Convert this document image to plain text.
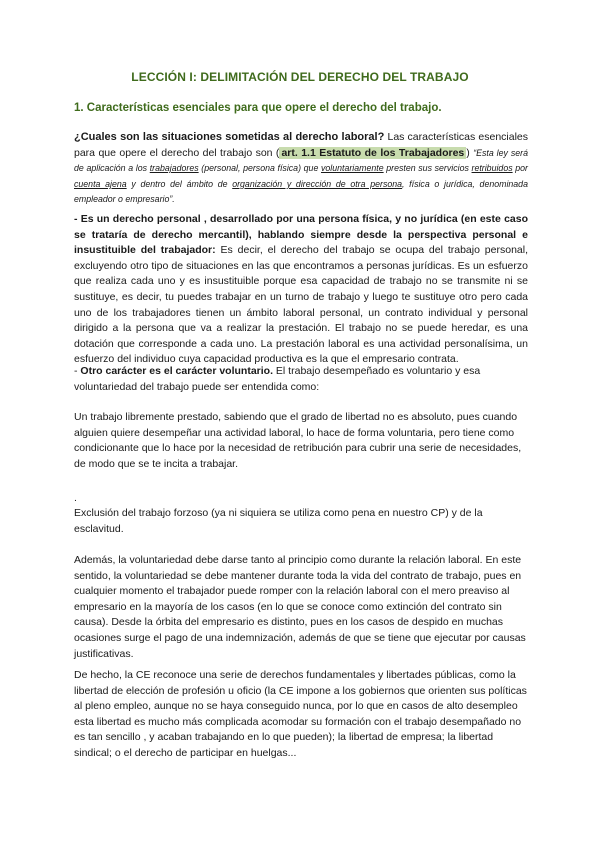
LECCIÓN I: DELIMITACIÓN DEL DERECHO DEL TRABAJO
1. Características esenciales para que opere el derecho del trabajo.
¿Cuales son las situaciones sometidas al derecho laboral? Las características esenciales para que opere el derecho del trabajo son ( art. 1.1 Estatuto de los Trabajadores ) “Esta ley será de aplicación a los trabajadores (personal, persona física) que voluntariamente presten sus servicios retribuidos por cuenta ajena y dentro del ámbito de organización y dirección de otra persona, física o jurídica, denominada empleador o empresario”.
- Es un derecho personal , desarrollado por una persona física, y no jurídica (en este caso se trataría de derecho mercantil), hablando siempre desde la perspectiva personal e insustituible del trabajador: Es decir, el derecho del trabajo se ocupa del trabajo personal, excluyendo otro tipo de situaciones en las que encontramos a personas jurídicas. Es un esfuerzo que realiza cada uno y es insustituible porque esa capacidad de trabajo no se transmite ni se sustituye, es decir, tu puedes trabajar en un turno de trabajo y luego te sustituye otro pero cada uno de los trabajadores tienen un ámbito laboral personal, un contrato individual y personal dirigido a la persona que va a realizar la prestación. El trabajo no se puede heredar, es una dotación que corresponde a cada uno. La prestación laboral es una actividad personalísima, un esfuerzo del individuo cuya capacidad productiva es la que el empresario contrata.
- Otro carácter es el carácter voluntario. El trabajo desempeñado es voluntario y esa voluntariedad del trabajo puede ser entendida como:
Un trabajo libremente prestado, sabiendo que el grado de libertad no es absoluto, pues cuando alguien quiere desempeñar una actividad laboral, lo hace de forma voluntaria, pero tiene como condicionante que lo hace por la necesidad de retribución para cubrir una serie de necesidades, de modo que se te incita a trabajar.
.
Exclusión del trabajo forzoso (ya ni siquiera se utiliza como pena en nuestro CP) y de la esclavitud.
Además, la voluntariedad debe darse tanto al principio como durante la relación laboral. En este sentido, la voluntariedad se debe mantener durante toda la vida del contrato de trabajo, pues en cualquier momento el trabajador puede romper con la relación laboral con el mero preaviso al empresario en la mayoría de los casos (en lo que se conoce como extinción del contrato sin causa). Desde la órbita del empresario es distinto, pues en los casos de despido en muchas ocasiones surge el pago de una indemnización, además de que se tiene que ejecutar por causas justificativas.
De hecho, la CE reconoce una serie de derechos fundamentales y libertades públicas, como la libertad de elección de profesión u oficio (la CE impone a los gobiernos que orienten sus políticas al pleno empleo, aunque no se haya conseguido nunca, por lo que en casos de alto desempleo esta libertad es mucho más complicada acomodar su formación con el trabajo desempañado no es tan sencillo , y acaban trabajando en lo que pueden); la libertad de empresa; la libertad sindical; o el derecho de participar en huelgas...
